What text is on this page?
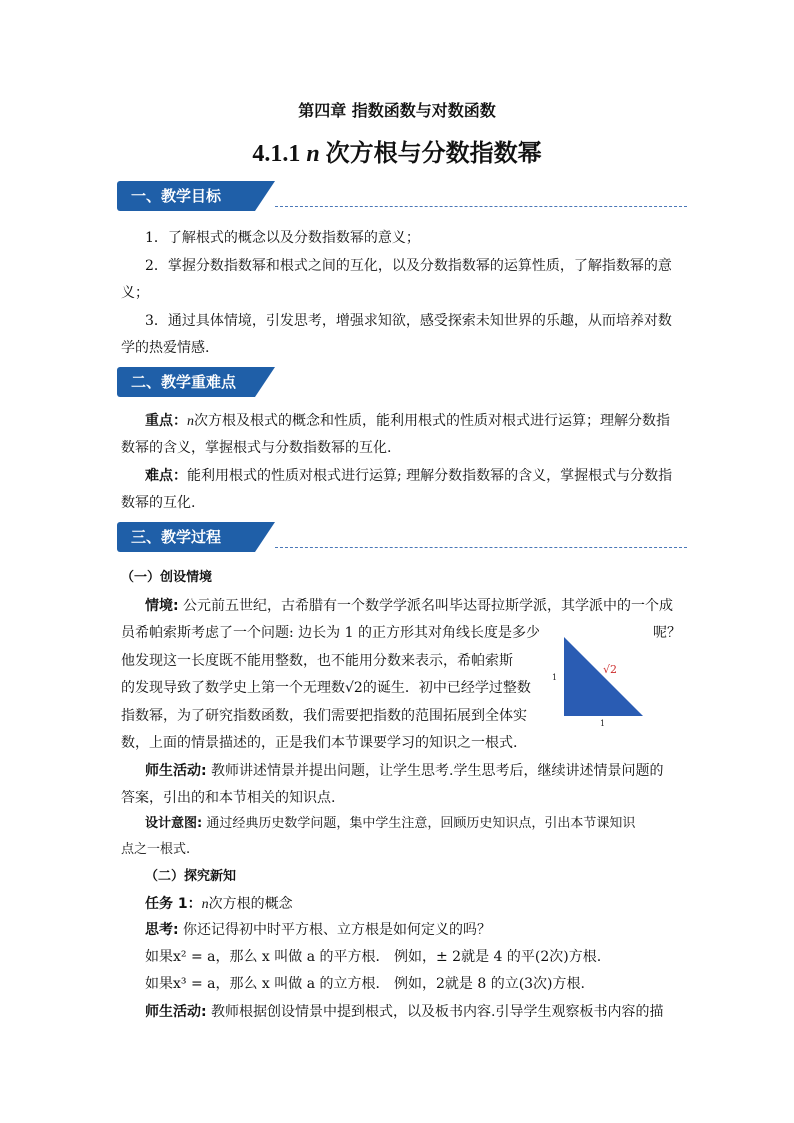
第四章 指数函数与对数函数
4.1.1 n 次方根与分数指数幂
一、教学目标
1．了解根式的概念以及分数指数幂的意义；
2．掌握分数指数幂和根式之间的互化，以及分数指数幂的运算性质，了解指数幂的意
义；
3．通过具体情境，引发思考，增强求知欲，感受探索未知世界的乐趣，从而培养对数
学的热爱情感.
二、教学重难点
重点：n次方根及根式的概念和性质，能利用根式的性质对根式进行运算；理解分数指
数幂的含义，掌握根式与分数指数幂的互化.
难点：能利用根式的性质对根式进行运算; 理解分数指数幂的含义，掌握根式与分数指
数幂的互化.
三、教学过程
（一）创设情境
情境: 公元前五世纪，古希腊有一个数学学派名叫毕达哥拉斯学派，其学派中的一个成
员希帕索斯考虑了一个问题: 边长为 1 的正方形其对角线长度是多少	呢？
他发现这一长度既不能用整数，也不能用分数来表示，希帕索斯
的发现导致了数学史上第一个无理数√2的诞生．初中已经学过整数
指数幂，为了研究指数函数，我们需要把指数的范围拓展到全体实
数，上面的情景描述的，正是我们本节课要学习的知识之一根式.
1
1
√2
师生活动: 教师讲述情景并提出问题，让学生思考.学生思考后，继续讲述情景问题的
答案，引出的和本节相关的知识点.
设计意图: 通过经典历史数学问题，集中学生注意，回顾历史知识点，引出本节课知识
点之一根式.
（二）探究新知
任务 1：n次方根的概念
思考: 你还记得初中时平方根、立方根是如何定义的吗？
如果x² = a，那么 x 叫做 a 的平方根． 例如，± 2就是 4 的平(2次)方根.
如果x³ = a，那么 x 叫做 a 的立方根． 例如，2就是 8 的立(3次)方根.
师生活动: 教师根据创设情景中提到根式，以及板书内容.引导学生观察板书内容的描
